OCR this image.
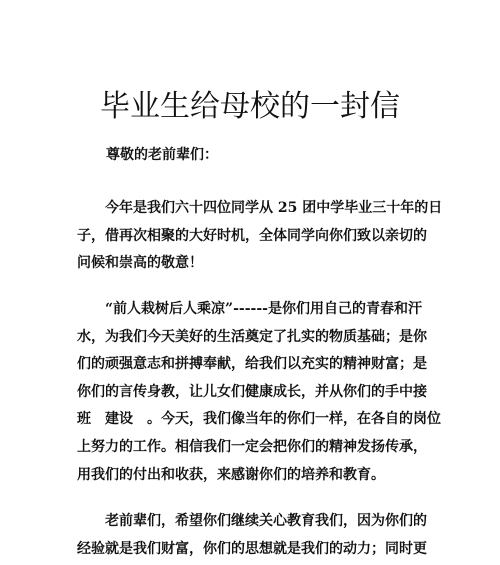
毕业生给母校的一封信
尊敬的老前辈们：
今年是我们六十四位同学从 25 团中学毕业三十年的日
子，借再次相聚的大好时机，全体同学向你们致以亲切的
问候和崇高的敬意！
“前人栽树后人乘凉”------是你们用自己的青春和汗
水，为我们今天美好的生活奠定了扎实的物质基础；是你
们的顽强意志和拼搏奉献，给我们以充实的精神财富；是
你们的言传身教，让儿女们健康成长，并从你们的手中接
班　建设　。今天，我们像当年的你们一样，在各自的岗位
上努力的工作。相信我们一定会把你们的精神发扬传承，
用我们的付出和收获，来感谢你们的培养和教育。
老前辈们，希望你们继续关心教育我们，因为你们的
经验就是我们财富，你们的思想就是我们的动力；同时更
